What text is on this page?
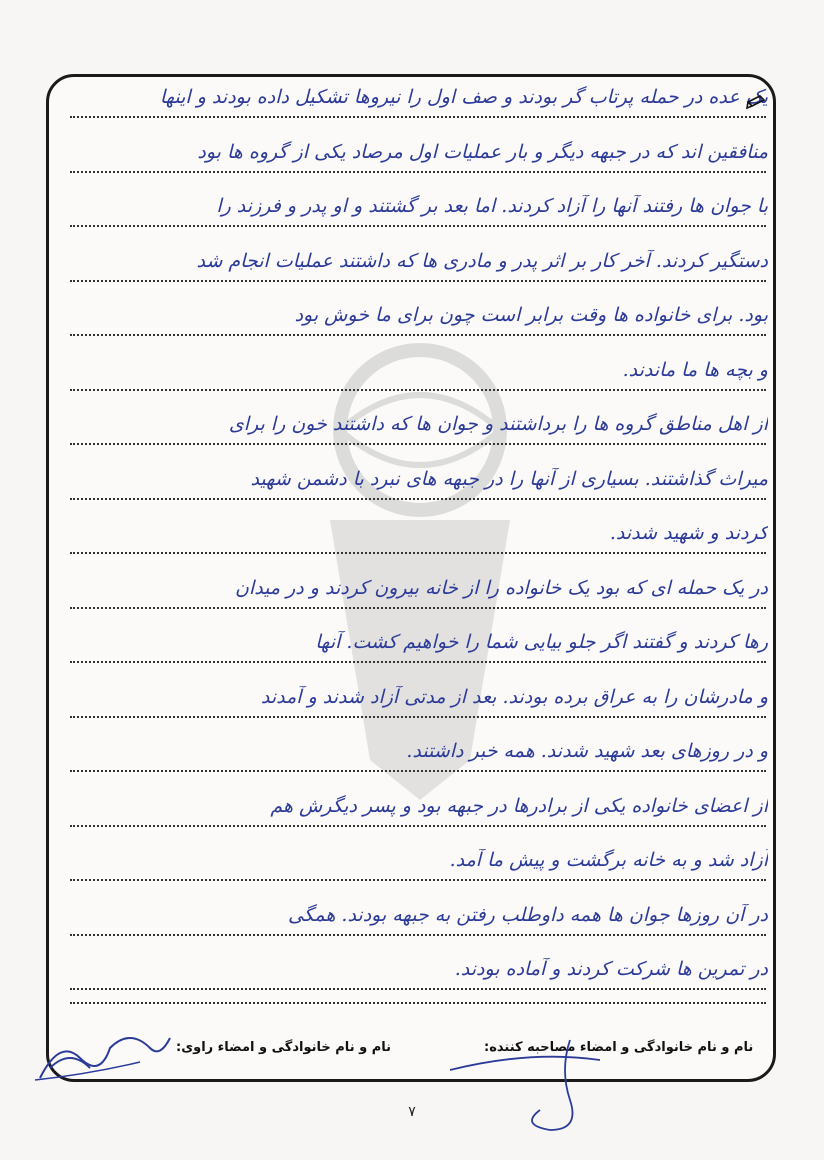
یک عده در حمله پرتاب گر بودند و صف اول را نیروها تشکیل داده بودند و اینها
منافقین اند که در جبهه دیگر و بار عملیات اول مرصاد یکی از گروه ها بود
با جوان ها رفتند آنها را آزاد کردند. اما بعد بر گشتند و او پدر و فرزند را
دستگیر کردند. آخر کار بر اثر پدر و مادری ها که داشتند عملیات انجام شد
بود. برای خانواده ها وقت برابر است چون برای ما خوش بود
و بچه ها ما ماندند.
از اهل مناطق گروه ها را برداشتند و جوان ها که داشتند خون را برای
میراث گذاشتند. بسیاری از آنها را در جبهه های نبرد با دشمن شهید
کردند و شهید شدند.
در یک حمله ای که بود یک خانواده را از خانه بیرون کردند و در میدان
رها کردند و گفتند اگر جلو بیایی شما را خواهیم کشت. آنها
و مادرشان را به عراق برده بودند. بعد از مدتی آزاد شدند و آمدند
و در روزهای بعد شهید شدند. همه خبر داشتند.
از اعضای خانواده یکی از برادرها در جبهه بود و پسر دیگرش هم
آزاد شد و به خانه برگشت و پیش ما آمد.
در آن روزها جوان ها همه داوطلب رفتن به جبهه بودند. همگی
در تمرین ها شرکت کردند و آماده بودند.
نام و نام خانوادگی و امضاء مصاحبه کننده:
نام و نام خانوادگی و امضاء راوی:
۷
